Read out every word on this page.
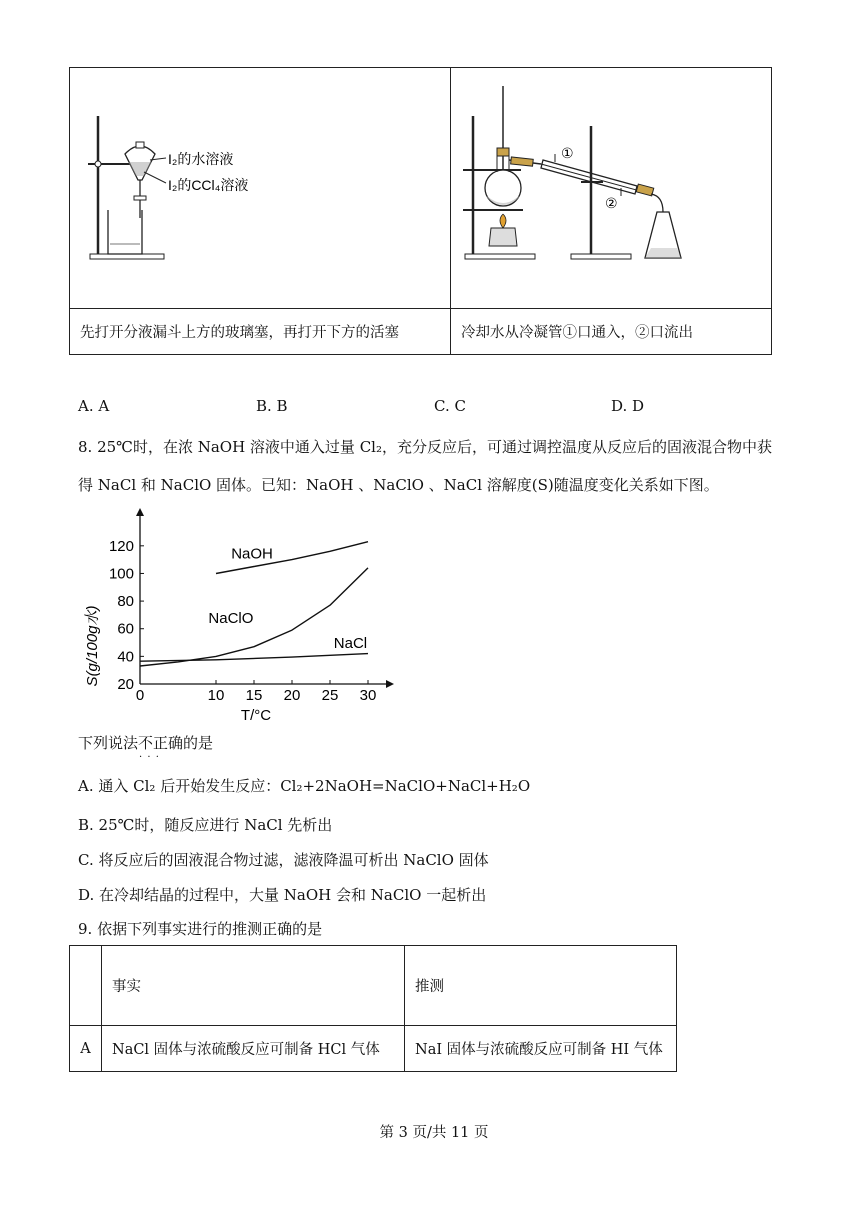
I₂的水溶液
I₂的CCl₄溶液	①
②

先打开分液漏斗上方的玻璃塞，再打开下方的活塞	冷却水从冷凝管①口通入，②口流出
A. A	B. B	C. C	D. D
8. 25℃时，在浓 NaOH 溶液中通入过量 Cl₂，充分反应后，可通过调控温度从反应后的固液混合物中获
得 NaCl 和 NaClO 固体。已知：NaOH 、NaClO 、NaCl 溶解度(S)随温度变化关系如下图。
0	10 15 20 25 30
20
40
60
80
100
120	NaOH
NaClO
NaCl
S(g/100g水)
T/°C
下列说法不正确 · · ·的是
A. 通入 Cl₂ 后开始发生反应：Cl₂+2NaOH=NaClO+NaCl+H₂O
B. 25℃时，随反应进行 NaCl 先析出
C. 将反应后的固液混合物过滤，滤液降温可析出 NaClO 固体
D. 在冷却结晶的过程中，大量 NaOH 会和 NaClO 一起析出
9. 依据下列事实进行的推测正确的是
	事实	推测
A	NaCl 固体与浓硫酸反应可制备 HCl 气体	NaI 固体与浓硫酸反应可制备 HI 气体
第 3 页/共 11 页
